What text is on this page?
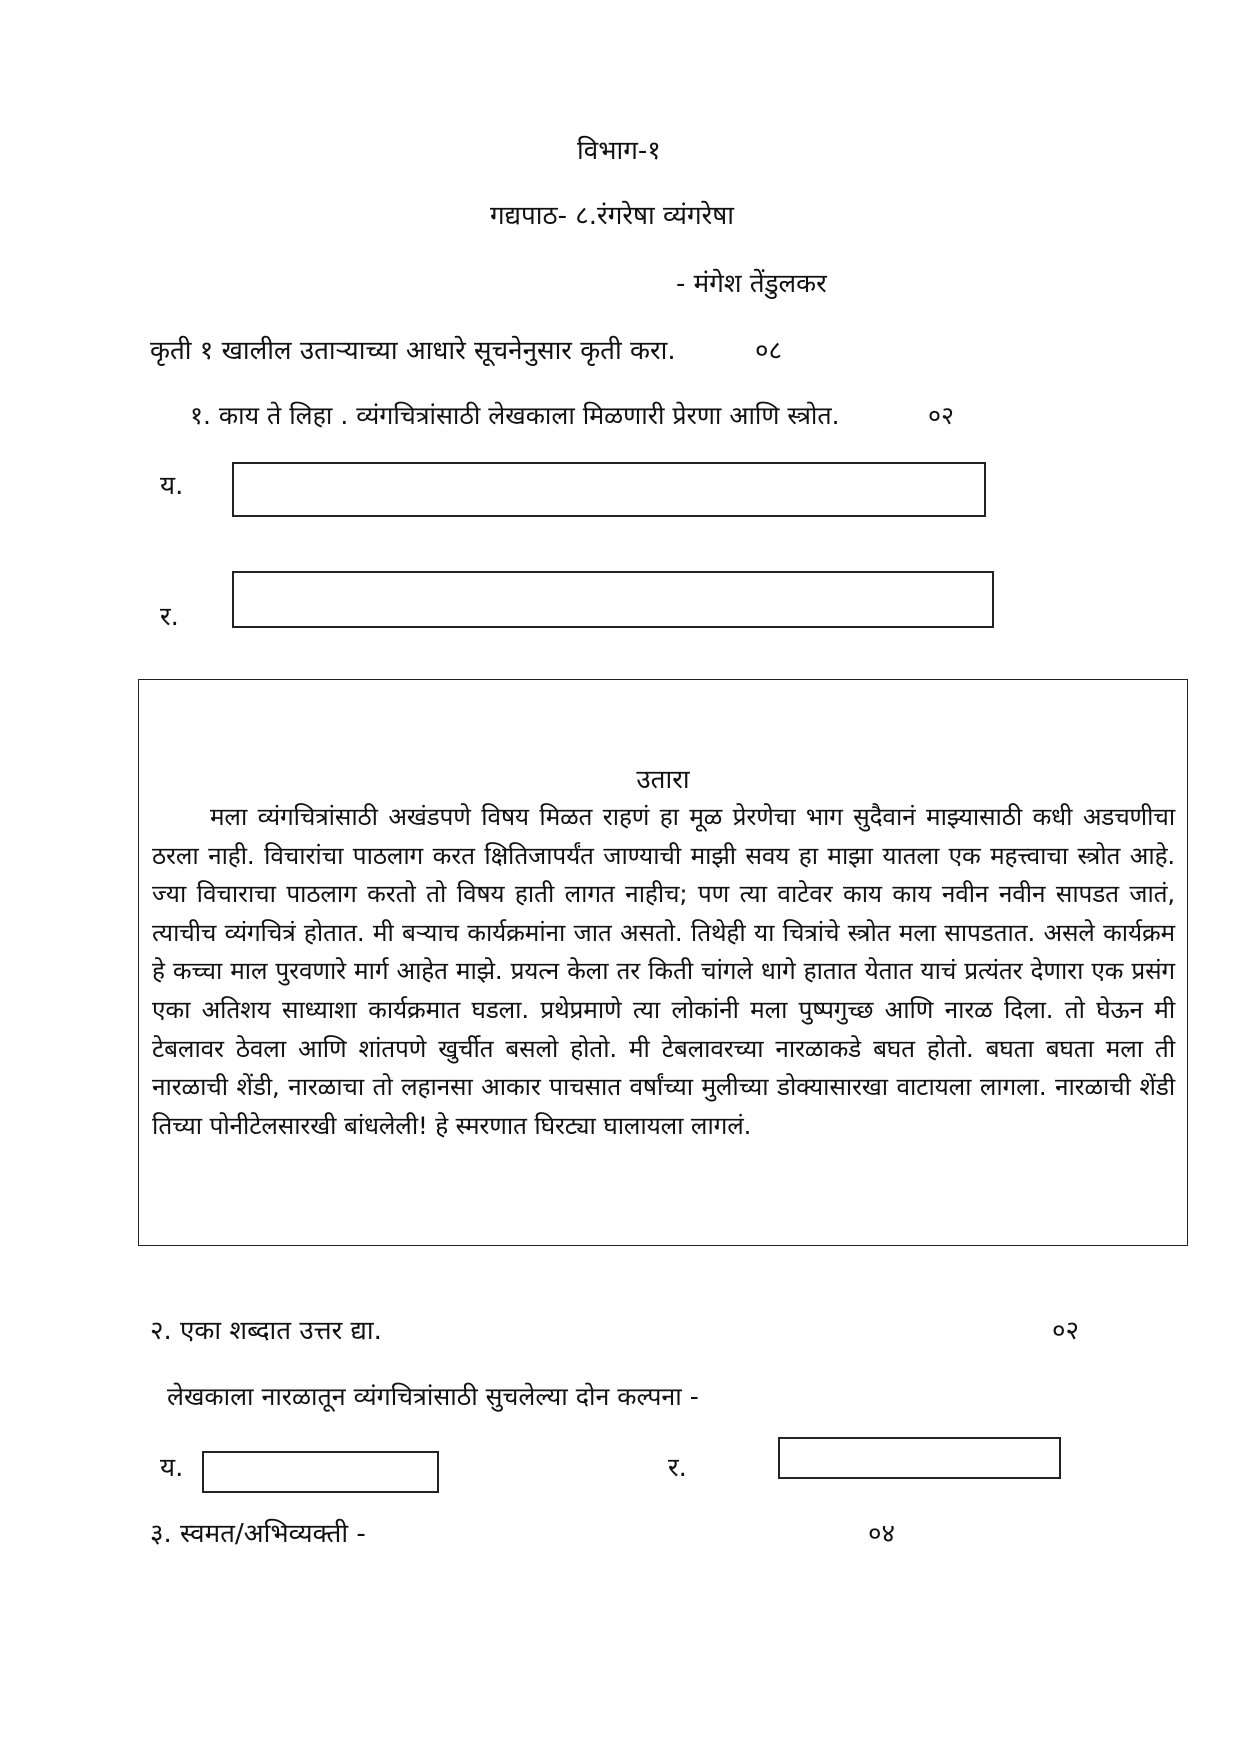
विभाग-१
गद्यपाठ- ८.रंगरेषा व्यंगरेषा
- मंगेश तेंडुलकर
कृती १ खालील उताऱ्याच्या आधारे सूचनेनुसार कृती करा.	०८
१. काय ते लिहा . व्यंगचित्रांसाठी लेखकाला मिळणारी प्रेरणा आणि स्त्रोत.	०२
य.
र.
उतारा
मला व्यंगचित्रांसाठी अखंडपणे विषय मिळत राहणं हा मूळ प्रेरणेचा भाग सुदैवानं माझ्यासाठी कधी अडचणीचा ठरला नाही. विचारांचा पाठलाग करत क्षितिजापर्यंत जाण्याची माझी सवय हा माझा यातला एक महत्त्वाचा स्त्रोत आहे. ज्या विचाराचा पाठलाग करतो तो विषय हाती लागत नाहीच; पण त्या वाटेवर काय काय नवीन नवीन सापडत जातं, त्याचीच व्यंगचित्रं होतात. मी बऱ्याच कार्यक्रमांना जात असतो. तिथेही या चित्रांचे स्त्रोत मला सापडतात. असले कार्यक्रम हे कच्चा माल पुरवणारे मार्ग आहेत माझे. प्रयत्न केला तर किती चांगले धागे हातात येतात याचं प्रत्यंतर देणारा एक प्रसंग एका अतिशय साध्याशा कार्यक्रमात घडला. प्रथेप्रमाणे त्या लोकांनी मला पुष्पगुच्छ आणि नारळ दिला. तो घेऊन मी टेबलावर ठेवला आणि शांतपणे खुर्चीत बसलो होतो. मी टेबलावरच्या नारळाकडे बघत होतो. बघता बघता मला ती नारळाची शेंडी, नारळाचा तो लहानसा आकार पाचसात वर्षांच्या मुलीच्या डोक्यासारखा वाटायला लागला. नारळाची शेंडी तिच्या पोनीटेलसारखी बांधलेली! हे स्मरणात घिरट्या घालायला लागलं.
२. एका शब्दात उत्तर द्या.	०२
लेखकाला नारळातून व्यंगचित्रांसाठी सुचलेल्या दोन कल्पना -
य.	र.
३. स्वमत/अभिव्यक्ती -	०४
